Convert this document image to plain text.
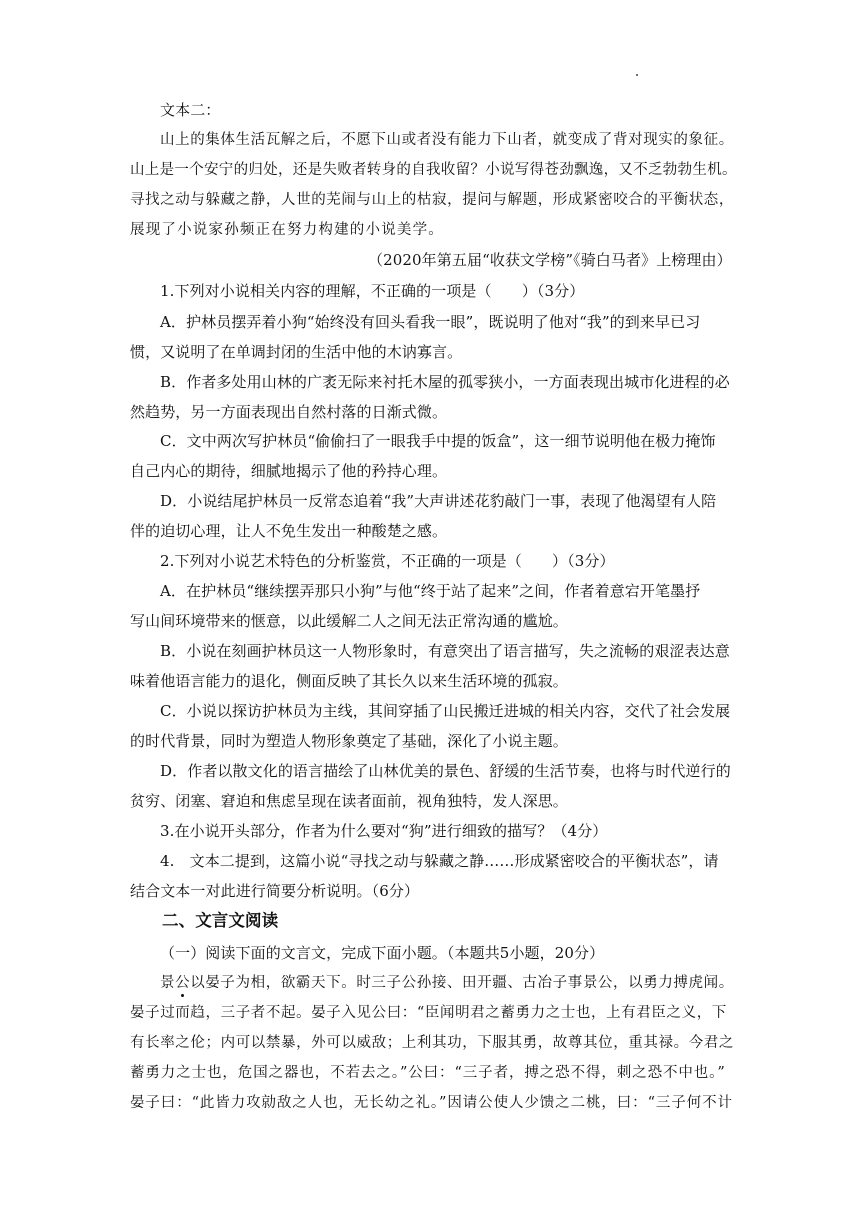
文本二：
山上的集体生活瓦解之后，不愿下山或者没有能力下山者，就变成了背对现实的象征。
山上是一个安宁的归处，还是失败者转身的自我收留？小说写得苍劲飘逸，又不乏勃勃生机。
寻找之动与躲藏之静，人世的芜闹与山上的枯寂，提问与解题，形成紧密咬合的平衡状态，
展现了小说家孙频正在努力构建的小说美学。
（2020年第五届“收获文学榜”《骑白马者》上榜理由）
1.下列对小说相关内容的理解，不正确的一项是（　　）（3分）
A．护林员摆弄着小狗“始终没有回头看我一眼”，既说明了他对“我”的到来早已习
惯，又说明了在单调封闭的生活中他的木讷寡言。
B．作者多处用山林的广袤无际来衬托木屋的孤零狭小，一方面表现出城市化进程的必
然趋势，另一方面表现出自然村落的日渐式微。
C．文中两次写护林员“偷偷扫了一眼我手中提的饭盒”，这一细节说明他在极力掩饰
自己内心的期待，细腻地揭示了他的矜持心理。
D．小说结尾护林员一反常态追着“我”大声讲述花豹敲门一事，表现了他渴望有人陪
伴的迫切心理，让人不免生发出一种酸楚之感。
2.下列对小说艺术特色的分析鉴赏，不正确的一项是（　　）（3分）
A．在护林员“继续摆弄那只小狗”与他“终于站了起来”之间，作者着意宕开笔墨抒
写山间环境带来的惬意，以此缓解二人之间无法正常沟通的尴尬。
B．小说在刻画护林员这一人物形象时，有意突出了语言描写，失之流畅的艰涩表达意
味着他语言能力的退化，侧面反映了其长久以来生活环境的孤寂。
C．小说以探访护林员为主线，其间穿插了山民搬迁进城的相关内容，交代了社会发展
的时代背景，同时为塑造人物形象奠定了基础，深化了小说主题。
D．作者以散文化的语言描绘了山林优美的景色、舒缓的生活节奏，也将与时代逆行的
贫穷、闭塞、窘迫和焦虑呈现在读者面前，视角独特，发人深思。
3.在小说开头部分，作者为什么要对“狗”进行细致的描写？（4分）
4.　文本二提到，这篇小说“寻找之动与躲藏之静……形成紧密咬合的平衡状态”，请
结合文本一对此进行简要分析说明。（6分）
二、文言文阅读
（一）阅读下面的文言文，完成下面小题。（本题共5小题，20分）
景公以晏子为相，欲霸天下。时三子公孙接、田开疆、古冶子事景公，以勇力搏虎闻。
晏子过而趋，三子者不起。晏子入见公曰：“臣闻明君之蓄勇力之士也，上有君臣之义，下
有长率之伦；内可以禁暴，外可以威敌；上利其功，下服其勇，故尊其位，重其禄。今君之
蓄勇力之士也，危国之器也，不若去之。”公曰：“三子者，搏之恐不得，刺之恐不中也。”
晏子曰：“此皆力攻勍敌之人也，无长幼之礼。”因请公使人少馈之二桃，曰：“三子何不计
